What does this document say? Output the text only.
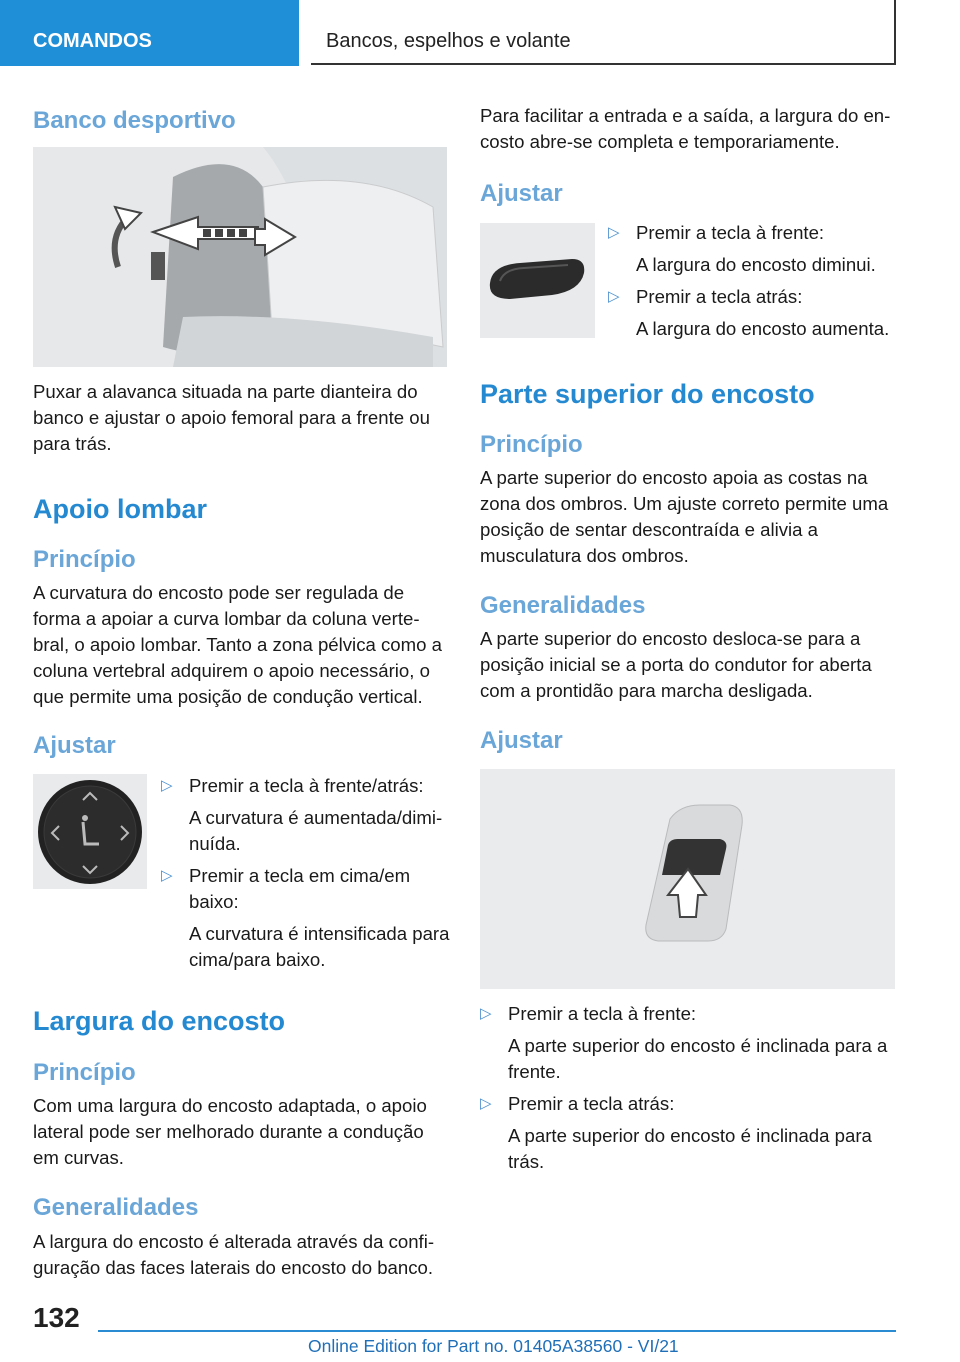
COMANDOS	Bancos, espelhos e volante
Banco desportivo

Puxar a alavanca situada na parte dianteira do banco e ajustar o apoio femoral para a frente ou para trás.

Apoio lombar
Princípio

A curvatura do encosto pode ser regulada de forma a apoiar a curva lombar da coluna verte-bral, o apoio lombar. Tanto a zona pélvica como a coluna vertebral adquirem o apoio necessário, o que permite uma posição de condução vertical.

Ajustar
▷ Premir a tecla à frente/atrás:
A curvatura é aumentada/dimi-nuída.
▷ Premir a tecla em cima/em baixo:
A curvatura é intensificada para cima/para baixo.
Largura do encosto
Princípio

Com uma largura do encosto adaptada, o apoio lateral pode ser melhorado durante a condução em curvas.

Generalidades

A largura do encosto é alterada através da confi-guração das faces laterais do encosto do banco.

Para facilitar a entrada e a saída, a largura do en-costo abre-se completa e temporariamente.

Ajustar
▷ Premir a tecla à frente:
A largura do encosto diminui.
▷ Premir a tecla atrás:
A largura do encosto aumenta.
Parte superior do encosto
Princípio

A parte superior do encosto apoia as costas na zona dos ombros. Um ajuste correto permite uma posição de sentar descontraída e alivia a musculatura dos ombros.

Generalidades

A parte superior do encosto desloca-se para a posição inicial se a porta do condutor for aberta com a prontidão para marcha desligada.

Ajustar
▷ Premir a tecla à frente:
A parte superior do encosto é inclinada para a frente.
▷ Premir a tecla atrás:
A parte superior do encosto é inclinada para trás.
132
Online Edition for Part no. 01405A38560 - VI/21
